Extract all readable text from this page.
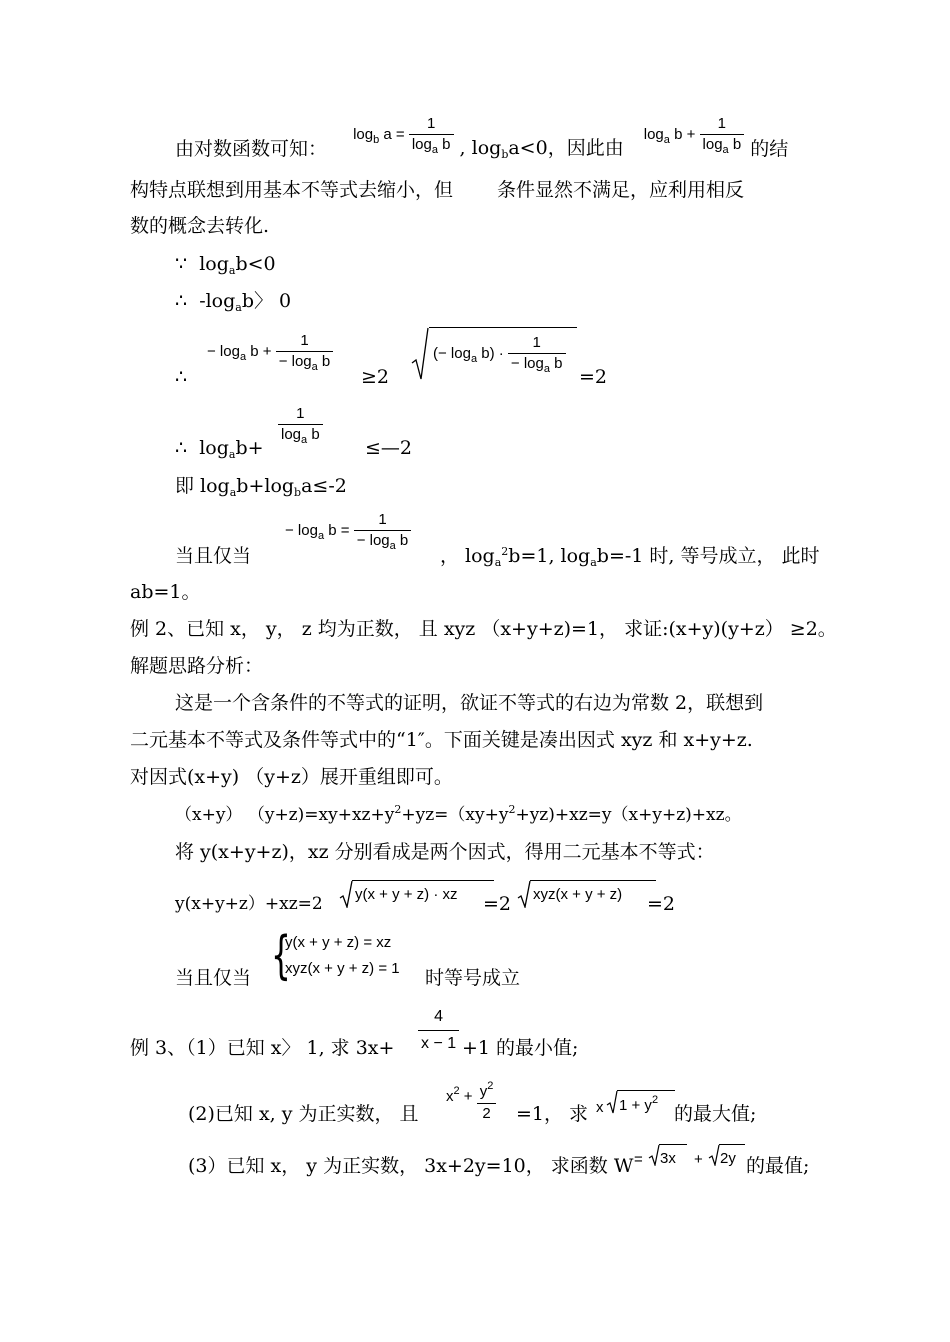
由对数函数可知： $\log_b a = \frac{1}{\log_a b}$ , $\log_ba<0$，因此由 $\log_a b + \frac{1}{\log_a b}$ 的结
构特点联想到用基本不等式去缩小，但 条件显然不满足，应利用相反
数的概念去转化.
∵ $\log_ab<0$
∴ $-\log_ab$〉 0
∴
− $\log_a b + \frac{1}{- \log_a b}$
≥2
(− $\log_a b) \cdot \frac{1}{- \log_a b}$
=2
∴ $\log_ab+$
$\frac{1}{\log_a b}$
≤—2
即 $\log_ab+\log_ba\le-2$
当且仅当
− $\log_a b = \frac{1}{- \log_a b}$
， $\log_a^2b=1$, $\log_ab=-1$ 时, 等号成立， 此时
ab=1。
例 2、已知 x， y， z 均为正数， 且 xyz （x+y+z)=1， 求证:(x+y)(y+z） ≥2。
解题思路分析：
这是一个含条件的不等式的证明，欲证不等式的右边为常数 2，联想到
二元基本不等式及条件等式中的“1″。下面关键是凑出因式 xyz 和 x+y+z.
对因式(x+y) （y+z）展开重组即可。
（x+y） $(y+z)=xy+xz+y^2+yz=(xy+y^2+yz)+xz=y(x+y+z)+xz$。
将 y(x+y+z)，xz 分别看成是两个因式，得用二元基本不等式：
y(x+y+z）+xz=2 y(x + y + z) · xz =2 xyz(x + y + z) =2
当且仅当 {
y(x + y + z) = xz
xyz(x + y + z) = 1 时等号成立
例 3、（1）已知 x〉 1, 求 $3x+ \frac{4}{x - 1} +1$ 的最小值;
(2)已知 x, y 为正实数， 且
$x^2 + \frac{y^2}{2} =1$， 求 x $1 + y^2$
的最大值;
(3）已知 x， y 为正实数， 3x+2y=10， 求函数 W = 3x + 2y 的最值;
